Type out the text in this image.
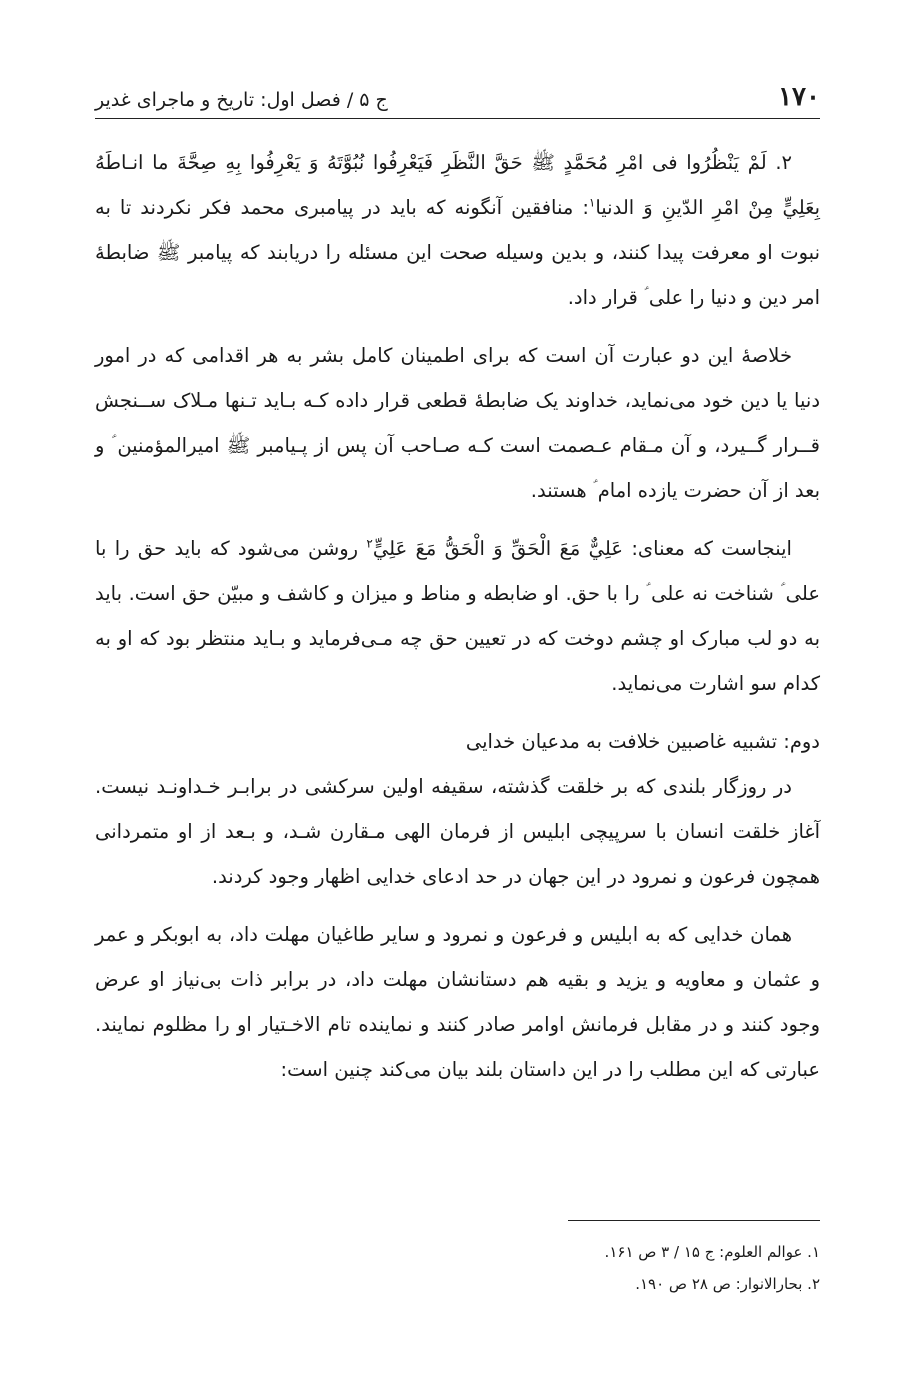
۱۷۰
ج ۵ / فصل اول: تاریخ و ماجرای غدیر

۲. لَمْ يَنْظُرُوا فى امْرِ مُحَمَّدٍ ﷺ حَقَّ النَّظَرِ فَيَعْرِفُوا نُبُوَّتَهُ وَ يَعْرِفُوا بِهِ صِحَّةَ ما انـاطَهُ بِعَلِيٍّ مِنْ امْرِ الدّينِ وَ الدنيا$^۱$: منافقین آنگونه که باید در پیامبری محمد فکر نکردند تا به نبوت او معرفت پیدا کنند، و بدین وسیله صحت این مسئله را دریابند که پیامبر ﷺ ضابطهٔ امر دین و دنیا را علی ؑ قرار داد.

خلاصهٔ این دو عبارت آن است که برای اطمینان کامل بشر به هر اقدامی که در امور دنیا یا دین خود می‌نماید، خداوند یک ضابطهٔ قطعی قرار داده کـه بـاید تـنها مـلاک ســنجش قــرار گــیرد، و آن مـقام عـصمت است کـه صـاحب آن پس از پـیامبر ﷺ امیرالمؤمنین ؑ و بعد از آن حضرت یازده امام ؑ هستند.

اینجاست که معنای: عَلِيٌّ مَعَ الْحَقِّ وَ الْحَقُّ مَعَ عَلِيٍّ$^۲$ روشن می‌شود که باید حق را با علی ؑ شناخت نه علی ؑ را با حق. او ضابطه و مناط و میزان و کاشف و مبیّن حق است. باید به دو لب مبارک او چشم دوخت که در تعیین حق چه مـی‌فرماید و بـاید منتظر بود که او به کدام سو اشارت می‌نماید.

دوم: تشبیه غاصبین خلافت به مدعیان خدایی

در روزگار بلندی که بر خلقت گذشته، سقیفه اولین سرکشی در برابـر خـداونـد نیست. آغاز خلقت انسان با سرپیچی ابلیس از فرمان الهی مـقارن شـد، و بـعد از او متمردانی همچون فرعون و نمرود در این جهان در حد ادعای خدایی اظهار وجود کردند.

همان خدایی که به ابلیس و فرعون و نمرود و سایر طاغیان مهلت داد، به ابوبکر و عمر و عثمان و معاویه و یزید و بقیه هم دستانشان مهلت داد، در برابر ذات بی‌نیاز او عرض وجود کنند و در مقابل فرمانش اوامر صادر کنند و نماینده تام الاخـتیار او را مظلوم نمایند. عبارتی که این مطلب را در این داستان بلند بیان می‌کند چنین است:

۱. عوالم العلوم: ج ۱۵ / ۳ ص ۱۶۱.

۲. بحارالانوار: ص ۲۸ ص ۱۹۰.
